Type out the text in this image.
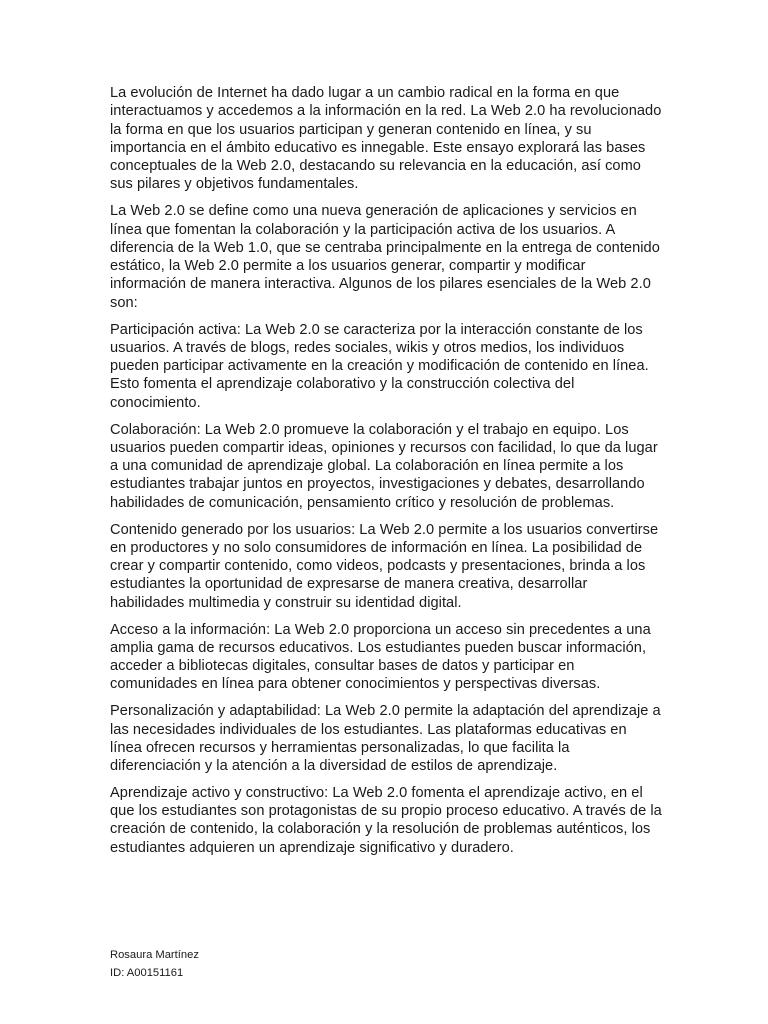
La evolución de Internet ha dado lugar a un cambio radical en la forma en que interactuamos y accedemos a la información en la red. La Web 2.0 ha revolucionado la forma en que los usuarios participan y generan contenido en línea, y su importancia en el ámbito educativo es innegable. Este ensayo explorará las bases conceptuales de la Web 2.0, destacando su relevancia en la educación, así como sus pilares y objetivos fundamentales.

La Web 2.0 se define como una nueva generación de aplicaciones y servicios en línea que fomentan la colaboración y la participación activa de los usuarios. A diferencia de la Web 1.0, que se centraba principalmente en la entrega de contenido estático, la Web 2.0 permite a los usuarios generar, compartir y modificar información de manera interactiva. Algunos de los pilares esenciales de la Web 2.0 son:

Participación activa: La Web 2.0 se caracteriza por la interacción constante de los usuarios. A través de blogs, redes sociales, wikis y otros medios, los individuos pueden participar activamente en la creación y modificación de contenido en línea. Esto fomenta el aprendizaje colaborativo y la construcción colectiva del conocimiento.

Colaboración: La Web 2.0 promueve la colaboración y el trabajo en equipo. Los usuarios pueden compartir ideas, opiniones y recursos con facilidad, lo que da lugar a una comunidad de aprendizaje global. La colaboración en línea permite a los estudiantes trabajar juntos en proyectos, investigaciones y debates, desarrollando habilidades de comunicación, pensamiento crítico y resolución de problemas.

Contenido generado por los usuarios: La Web 2.0 permite a los usuarios convertirse en productores y no solo consumidores de información en línea. La posibilidad de crear y compartir contenido, como videos, podcasts y presentaciones, brinda a los estudiantes la oportunidad de expresarse de manera creativa, desarrollar habilidades multimedia y construir su identidad digital.

Acceso a la información: La Web 2.0 proporciona un acceso sin precedentes a una amplia gama de recursos educativos. Los estudiantes pueden buscar información, acceder a bibliotecas digitales, consultar bases de datos y participar en comunidades en línea para obtener conocimientos y perspectivas diversas.

Personalización y adaptabilidad: La Web 2.0 permite la adaptación del aprendizaje a las necesidades individuales de los estudiantes. Las plataformas educativas en línea ofrecen recursos y herramientas personalizadas, lo que facilita la diferenciación y la atención a la diversidad de estilos de aprendizaje.

Aprendizaje activo y constructivo: La Web 2.0 fomenta el aprendizaje activo, en el que los estudiantes son protagonistas de su propio proceso educativo. A través de la creación de contenido, la colaboración y la resolución de problemas auténticos, los estudiantes adquieren un aprendizaje significativo y duradero.

Rosaura Martínez
ID: A00151161
